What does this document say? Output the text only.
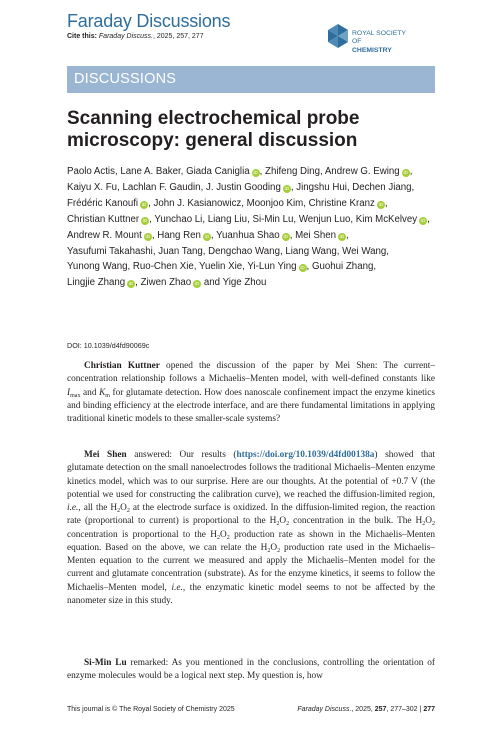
Faraday Discussions
Cite this: Faraday Discuss., 2025, 257, 277	ROYAL SOCIETY
OF
CHEMISTRY
DISCUSSIONS
Scanning electrochemical probe microscopy: general discussion
Paolo Actis, Lane A. Baker, Giada Caniglia iD , Zhifeng Ding, Andrew G. Ewing iD , Kaiyu X. Fu, Lachlan F. Gaudin, J. Justin Gooding iD , Jingshu Hui, Dechen Jiang, Frédéric Kanoufi iD , John J. Kasianowicz, Moonjoo Kim, Christine Kranz iD , Christian Kuttner iD , Yunchao Li, Liang Liu, Si-Min Lu, Wenjun Luo, Kim McKelvey iD , Andrew R. Mount iD , Hang Ren iD , Yuanhua Shao iD , Mei Shen iD , Yasufumi Takahashi, Juan Tang, Dengchao Wang, Liang Wang, Wei Wang, Yunong Wang, Ruo-Chen Xie, Yuelin Xie, Yi-Lun Ying iD , Guohui Zhang, Lingjie Zhang iD , Ziwen Zhao iD and Yige Zhou
DOI: 10.1039/d4fd90069c

Christian Kuttner opened the discussion of the paper by Mei Shen: The current–concentration relationship follows a Michaelis–Menten model, with well-defined constants like $I_{max}$ and $K_m$ for glutamate detection. How does nanoscale confinement impact the enzyme kinetics and binding efficiency at the electrode interface, and are there fundamental limitations in applying traditional kinetic models to these smaller-scale systems?

Mei Shen answered: Our results (https://doi.org/10.1039/d4fd00138a) showed that glutamate detection on the small nanoelectrodes follows the traditional Michaelis–Menten enzyme kinetics model, which was to our surprise. Here are our thoughts. At the potential of +0.7 V (the potential we used for constructing the calibration curve), we reached the diffusion-limited region, i.e., all the $H_2O_2$ at the electrode surface is oxidized. In the diffusion-limited region, the reaction rate (proportional to current) is proportional to the $H_2O_2$ concentration in the bulk. The $H_2O_2$ concentration is proportional to the $H_2O_2$ production rate as shown in the Michaelis–Menten equation. Based on the above, we can relate the $H_2O_2$ production rate used in the Michaelis–Menten equation to the current we measured and apply the Michaelis–Menten model for the current and glutamate concentration (substrate). As for the enzyme kinetics, it seems to follow the Michaelis–Menten model, i.e., the enzymatic kinetic model seems to not be affected by the nanometer size in this study.

Si-Min Lu remarked: As you mentioned in the conclusions, controlling the orientation of enzyme molecules would be a logical next step. My question is, how

This journal is © The Royal Society of Chemistry 2025	Faraday Discuss., 2025, 257, 277–302 | 277
